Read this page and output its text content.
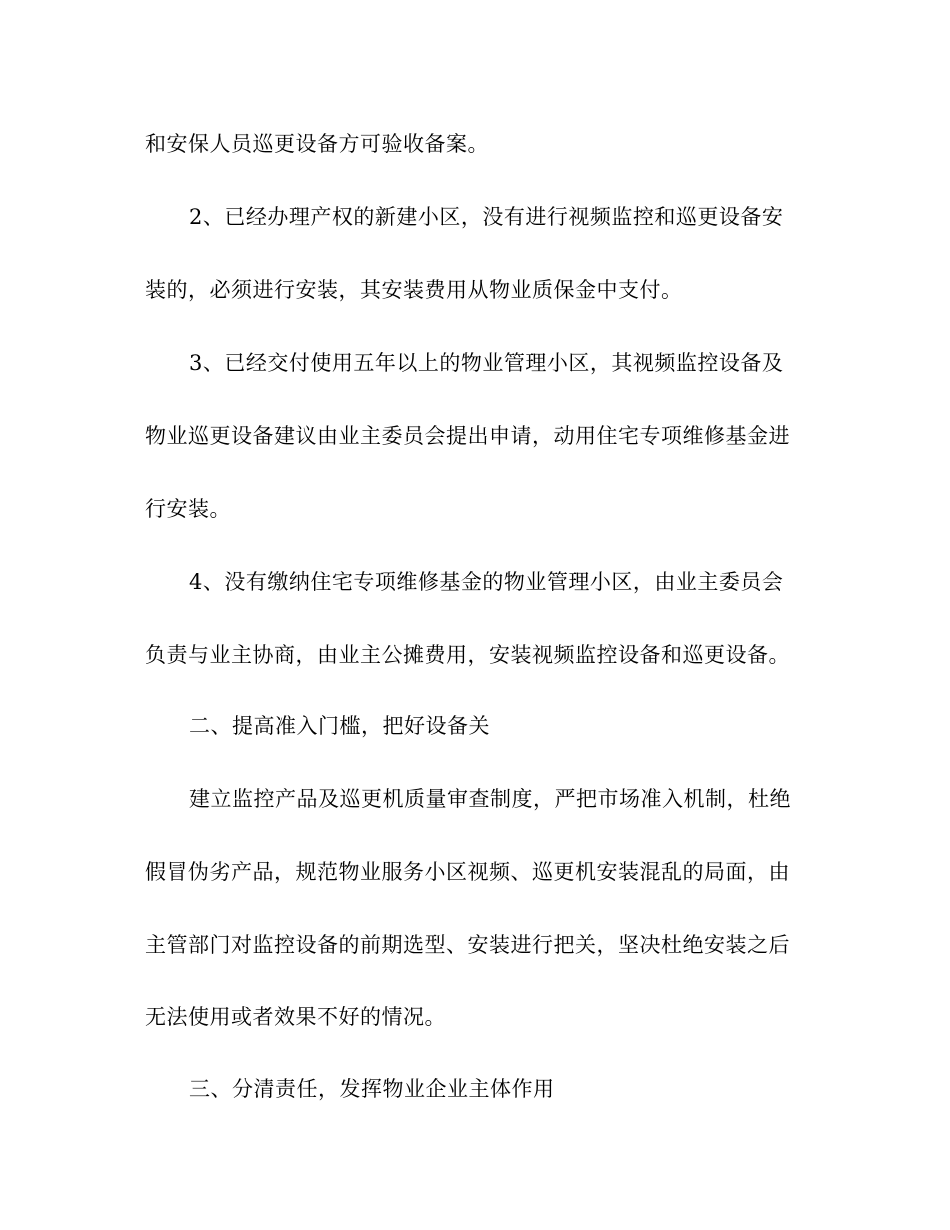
和安保人员巡更设备方可验收备案。

2、已经办理产权的新建小区，没有进行视频监控和巡更设备安

装的，必须进行安装，其安装费用从物业质保金中支付。

3、已经交付使用五年以上的物业管理小区，其视频监控设备及

物业巡更设备建议由业主委员会提出申请，动用住宅专项维修基金进

行安装。

4、没有缴纳住宅专项维修基金的物业管理小区，由业主委员会

负责与业主协商，由业主公摊费用，安装视频监控设备和巡更设备。

二、提高准入门槛，把好设备关

建立监控产品及巡更机质量审查制度，严把市场准入机制，杜绝

假冒伪劣产品，规范物业服务小区视频、巡更机安装混乱的局面，由

主管部门对监控设备的前期选型、安装进行把关，坚决杜绝安装之后

无法使用或者效果不好的情况。

三、分清责任，发挥物业企业主体作用
